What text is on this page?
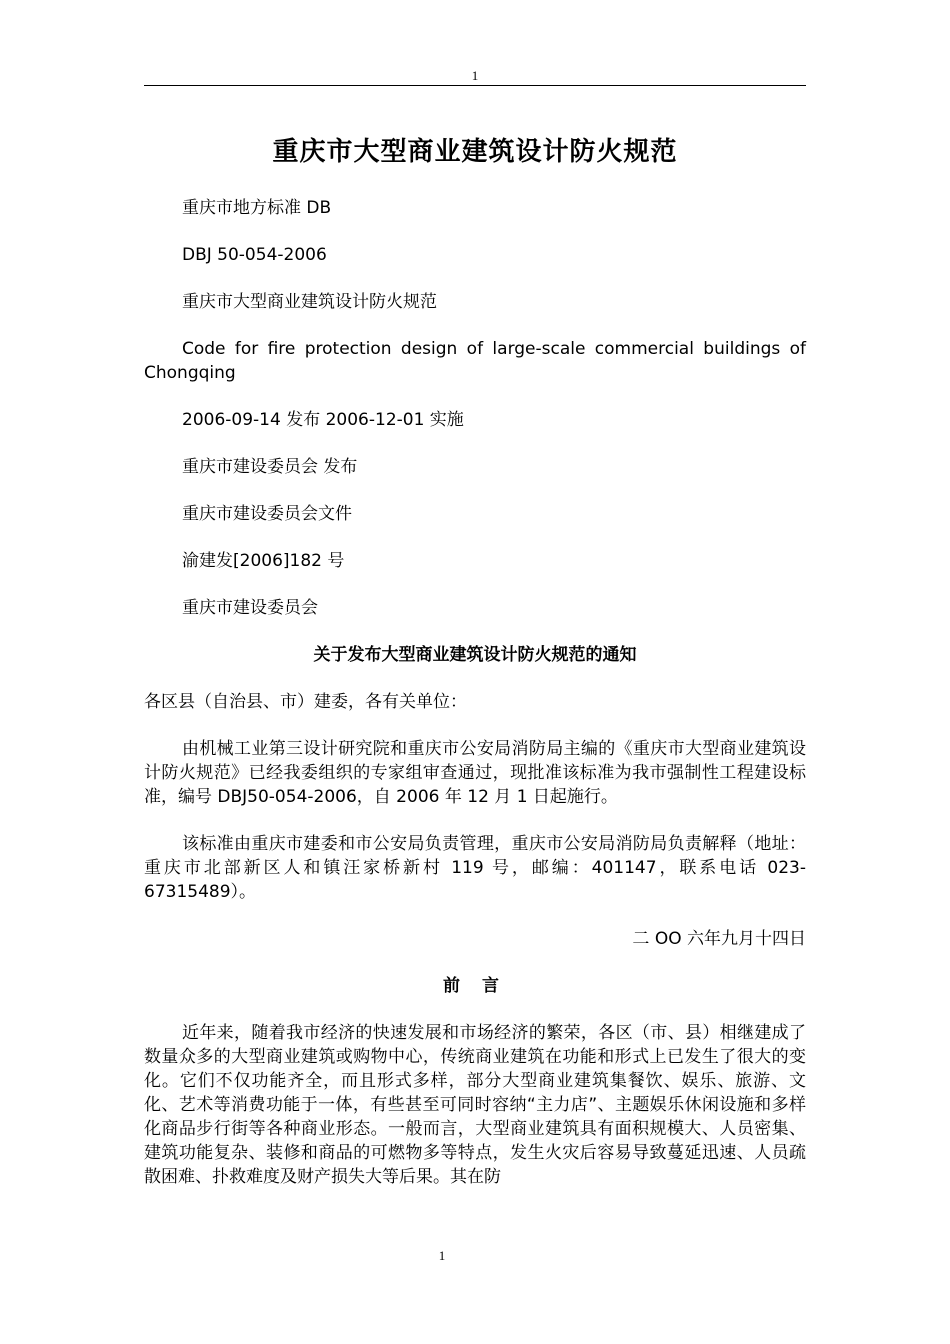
1
重庆市大型商业建筑设计防火规范

重庆市地方标准 DB

DBJ 50-054-2006

重庆市大型商业建筑设计防火规范

Code for fire protection design of large-scale commercial buildings of Chongqing

2006-09-14 发布 2006-12-01 实施

重庆市建设委员会 发布

重庆市建设委员会文件

渝建发[2006]182 号

重庆市建设委员会

关于发布大型商业建筑设计防火规范的通知

各区县（自治县、市）建委，各有关单位：

由机械工业第三设计研究院和重庆市公安局消防局主编的《重庆市大型商业建筑设计防火规范》已经我委组织的专家组审查通过，现批准该标准为我市强制性工程建设标准，编号 DBJ50-054-2006，自 2006 年 12 月 1 日起施行。

该标准由重庆市建委和市公安局负责管理，重庆市公安局消防局负责解释（地址：重庆市北部新区人和镇汪家桥新村 119 号，邮编：401147，联系电话 023-67315489）。

二 OO 六年九月十四日

前 言

近年来，随着我市经济的快速发展和市场经济的繁荣，各区（市、县）相继建成了数量众多的大型商业建筑或购物中心，传统商业建筑在功能和形式上已发生了很大的变化。它们不仅功能齐全，而且形式多样，部分大型商业建筑集餐饮、娱乐、旅游、文化、艺术等消费功能于一体，有些甚至可同时容纳“主力店”、主题娱乐休闲设施和多样化商品步行街等各种商业形态。一般而言，大型商业建筑具有面积规模大、人员密集、建筑功能复杂、装修和商品的可燃物多等特点，发生火灾后容易导致蔓延迅速、人员疏散困难、扑救难度及财产损失大等后果。其在防

1
